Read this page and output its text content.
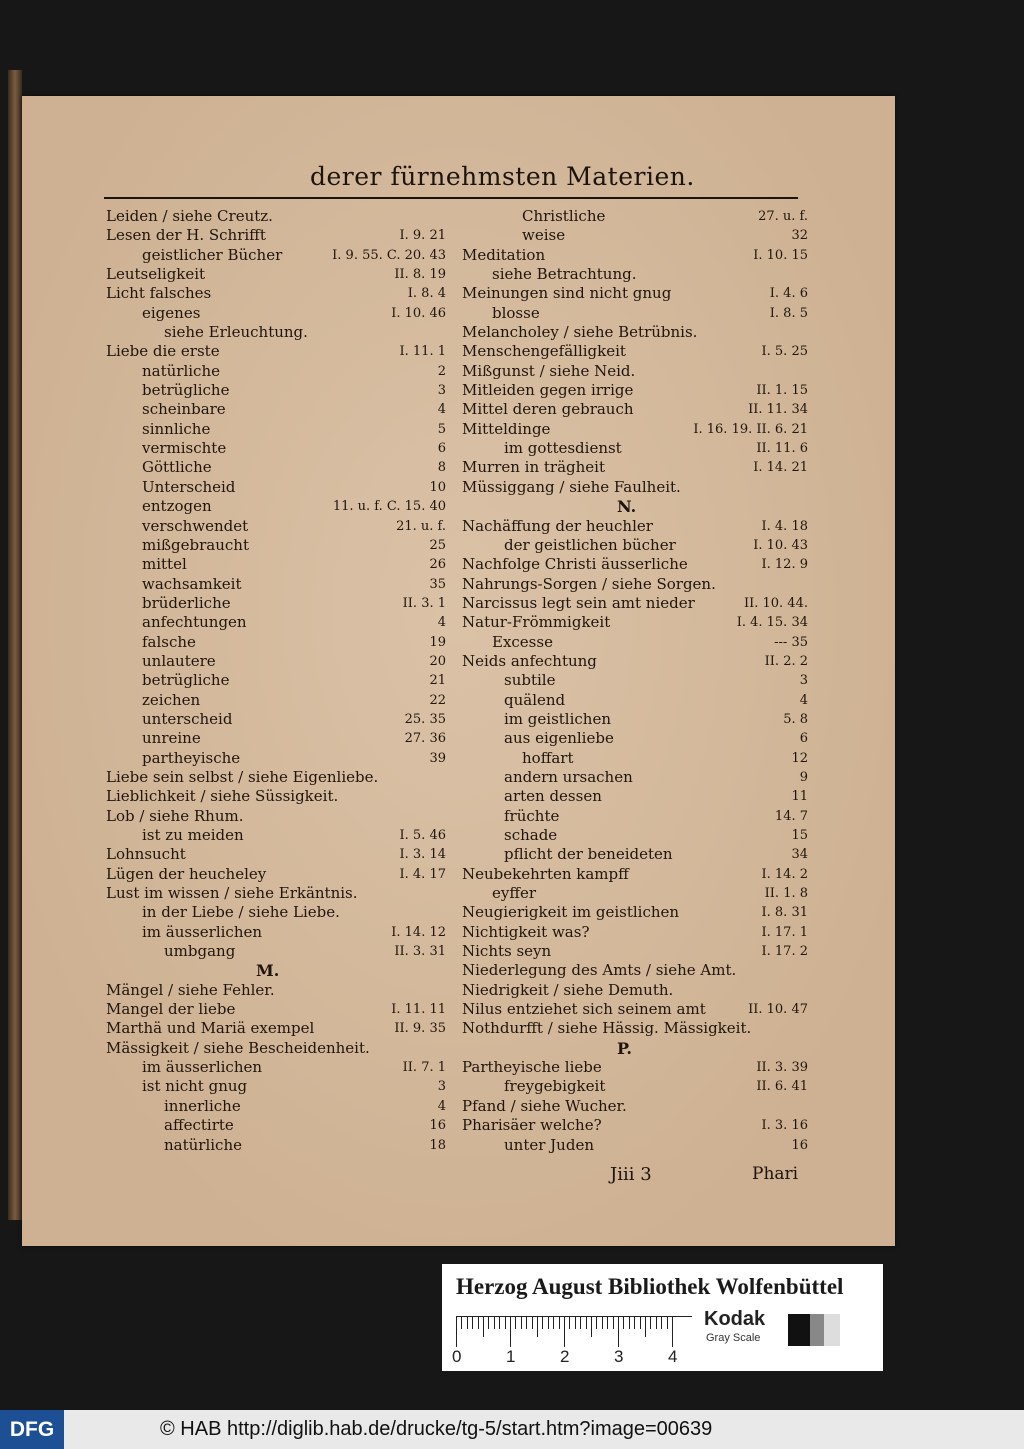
derer fürnehmsten Materien.
Leiden / siehe Creutz.
Lesen der H. Schrifft	I. 9. 21
geistlicher Bücher	I. 9. 55. C. 20. 43
Leutseligkeit	II. 8. 19
Licht falsches	I. 8. 4
eigenes	I. 10. 46
siehe Erleuchtung.
Liebe die erste	I. 11. 1
natürliche	2
betrügliche	3
scheinbare	4
sinnliche	5
vermischte	6
Göttliche	8
Unterscheid	10
entzogen	11. u. f. C. 15. 40
verschwendet	21. u. f.
mißgebraucht	25
mittel	26
wachsamkeit	35
brüderliche	II. 3. 1
anfechtungen	4
falsche	19
unlautere	20
betrügliche	21
zeichen	22
unterscheid	25. 35
unreine	27. 36
partheyische	39
Liebe sein selbst / siehe Eigenliebe.
Lieblichkeit / siehe Süssigkeit.
Lob / siehe Rhum.
ist zu meiden	I. 5. 46
Lohnsucht	I. 3. 14
Lügen der heucheley	I. 4. 17
Lust im wissen / siehe Erkäntnis.
in der Liebe / siehe Liebe.
im äusserlichen	I. 14. 12
umbgang	II. 3. 31
M.
Mängel / siehe Fehler.
Mangel der liebe	I. 11. 11
Marthä und Mariä exempel	II. 9. 35
Mässigkeit / siehe Bescheidenheit.
im äusserlichen	II. 7. 1
ist nicht gnug	3
innerliche	4
affectirte	16
natürliche	18
Christliche	27. u. f.
weise	32
Meditation	I. 10. 15
siehe Betrachtung.
Meinungen sind nicht gnug	I. 4. 6
blosse	I. 8. 5
Melancholey / siehe Betrübnis.
Menschengefälligkeit	I. 5. 25
Mißgunst / siehe Neid.
Mitleiden gegen irrige	II. 1. 15
Mittel deren gebrauch	II. 11. 34
Mitteldinge	I. 16. 19. II. 6. 21
im gottesdienst	II. 11. 6
Murren in trägheit	I. 14. 21
Müssiggang / siehe Faulheit.
N.
Nachäffung der heuchler	I. 4. 18
der geistlichen bücher	I. 10. 43
Nachfolge Christi äusserliche	I. 12. 9
Nahrungs-Sorgen / siehe Sorgen.
Narcissus legt sein amt nieder	II. 10. 44.
Natur-Frömmigkeit	I. 4. 15. 34
Excesse	--- 35
Neids anfechtung	II. 2. 2
subtile	3
quälend	4
im geistlichen	5. 8
aus eigenliebe	6
hoffart	12
andern ursachen	9
arten dessen	11
früchte	14. 7
schade	15
pflicht der beneideten	34
Neubekehrten kampff	I. 14. 2
eyffer	II. 1. 8
Neugierigkeit im geistlichen	I. 8. 31
Nichtigkeit was?	I. 17. 1
Nichts seyn	I. 17. 2
Niederlegung des Amts / siehe Amt.
Niedrigkeit / siehe Demuth.
Nilus entziehet sich seinem amt	II. 10. 47
Nothdurfft / siehe Hässig. Mässigkeit.
P.
Partheyische liebe	II. 3. 39
freygebigkeit	II. 6. 41
Pfand / siehe Wucher.
Pharisäer welche?	I. 3. 16
unter Juden	16
Jiii 3	Phari
Herzog August Bibliothek Wolfenbüttel
0	1	2	3	4
Kodak
Gray Scale
DFG	© HAB http://diglib.hab.de/drucke/tg-5/start.htm?image=00639
